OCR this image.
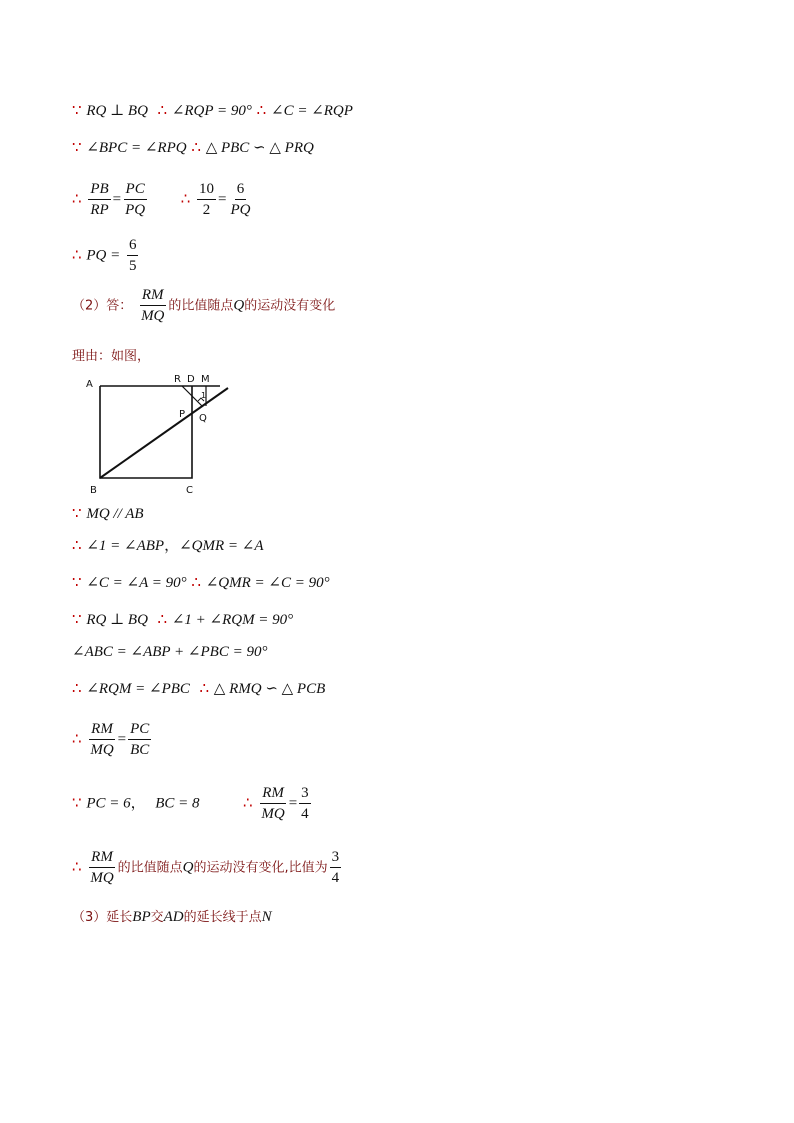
∵ RQ ⊥ BQ ∴ ∠RQP = 90° ∴ ∠C = ∠RQP
∵ ∠BPC = ∠RPQ ∴ △ PBC ∽ △ PRQ
∴ $\frac{PB}{RP} = \frac{PC}{PQ}$ ∴ $\frac{10}{2} = \frac{6}{PQ}$
∴ PQ = $\frac{6}{5}$
（2）答： $\frac{RM}{MQ}$ 的比值随点Q的运动没有变化
理由：如图，
A
B	C
R D M
P Q
1
∵ MQ // AB
∴ ∠1 = ∠ABP，∠QMR = ∠A
∵ ∠C = ∠A = 90° ∴ ∠QMR = ∠C = 90°
∵ RQ ⊥ BQ ∴ ∠1 + ∠RQM = 90°
∠ABC = ∠ABP + ∠PBC = 90°
∴ ∠RQM = ∠PBC ∴ △ RMQ ∽ △ PCB
∴ $\frac{RM}{MQ} = \frac{PC}{BC}$
∵ PC = 6， BC = 8	∴ $\frac{RM}{MQ} = \frac{3}{4}$
∴ $\frac{RM}{MQ}$ 的比值随点Q的运动没有变化,比值为 $\frac{3}{4}$
（3）延长BP交AD的延长线于点N
